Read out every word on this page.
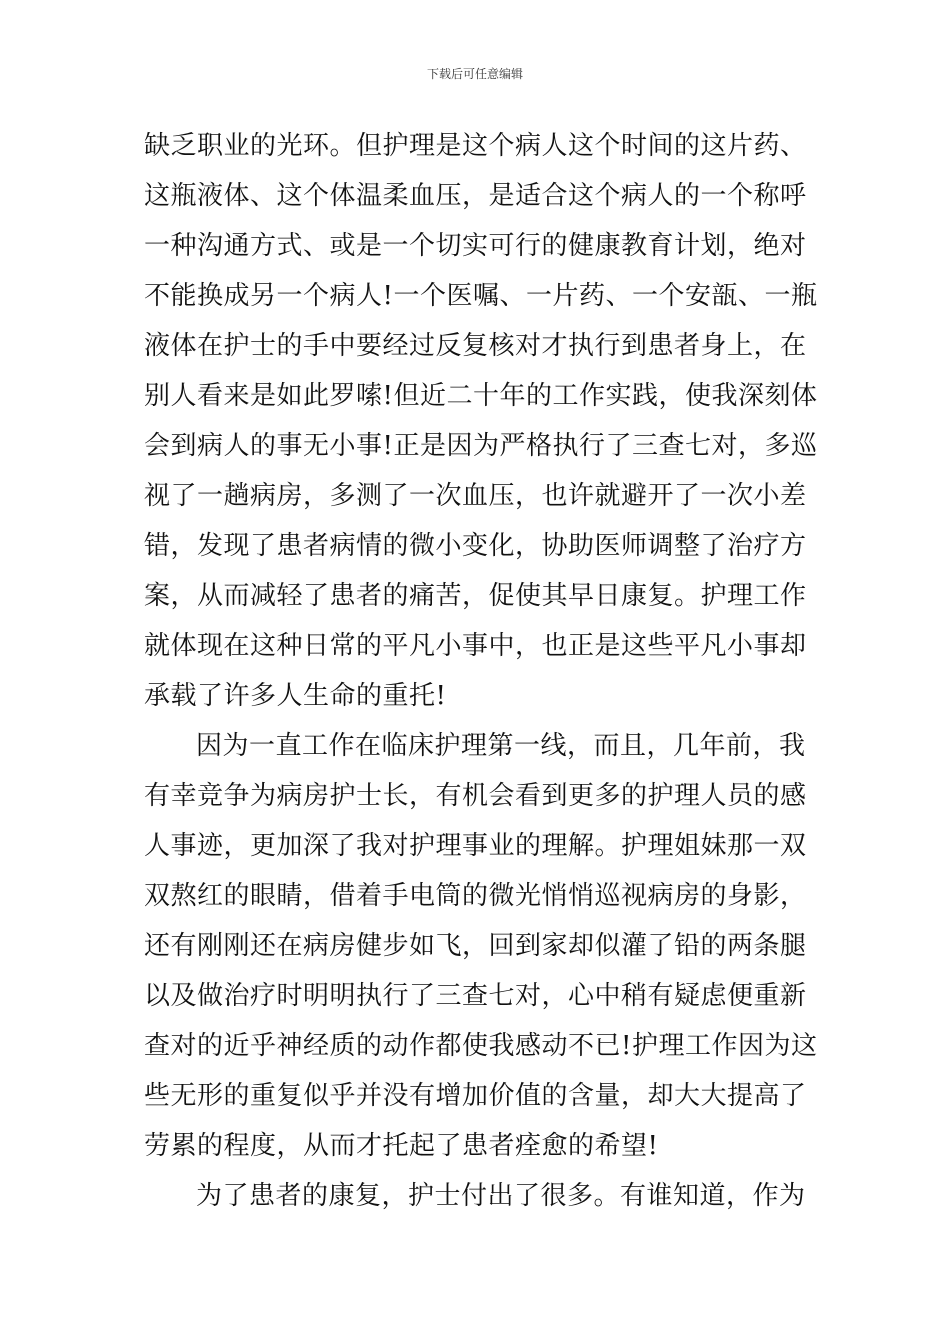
下载后可任意编辑
缺乏职业的光环。但护理是这个病人这个时间的这片药、
这瓶液体、这个体温柔血压，是适合这个病人的一个称呼
一种沟通方式、或是一个切实可行的健康教育计划，绝对
不能换成另一个病人!一个医嘱、一片药、一个安瓿、一瓶
液体在护士的手中要经过反复核对才执行到患者身上，在
别人看来是如此罗嗦!但近二十年的工作实践，使我深刻体
会到病人的事无小事!正是因为严格执行了三查七对，多巡
视了一趟病房，多测了一次血压，也许就避开了一次小差
错，发现了患者病情的微小变化，协助医师调整了治疗方
案，从而减轻了患者的痛苦，促使其早日康复。护理工作
就体现在这种日常的平凡小事中，也正是这些平凡小事却
承载了许多人生命的重托!
因为一直工作在临床护理第一线，而且，几年前，我
有幸竞争为病房护士长，有机会看到更多的护理人员的感
人事迹，更加深了我对护理事业的理解。护理姐妹那一双
双熬红的眼睛，借着手电筒的微光悄悄巡视病房的身影，
还有刚刚还在病房健步如飞，回到家却似灌了铅的两条腿
以及做治疗时明明执行了三查七对，心中稍有疑虑便重新
查对的近乎神经质的动作都使我感动不已!护理工作因为这
些无形的重复似乎并没有增加价值的含量，却大大提高了
劳累的程度，从而才托起了患者痊愈的希望!
为了患者的康复，护士付出了很多。有谁知道，作为
